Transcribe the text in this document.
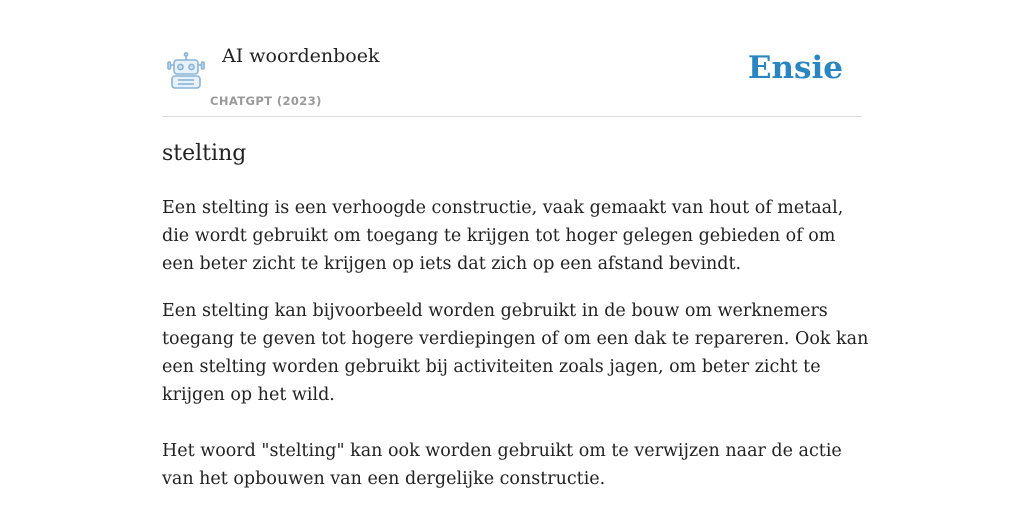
AI woordenboek
CHATGPT (2023)
Ensie
stelting

Een stelting is een verhoogde constructie, vaak gemaakt van hout of metaal, die wordt gebruikt om toegang te krijgen tot hoger gelegen gebieden of om een beter zicht te krijgen op iets dat zich op een afstand bevindt.

Een stelting kan bijvoorbeeld worden gebruikt in de bouw om werknemers toegang te geven tot hogere verdiepingen of om een dak te repareren. Ook kan een stelting worden gebruikt bij activiteiten zoals jagen, om beter zicht te krijgen op het wild.

Het woord "stelting" kan ook worden gebruikt om te verwijzen naar de actie van het opbouwen van een dergelijke constructie.
